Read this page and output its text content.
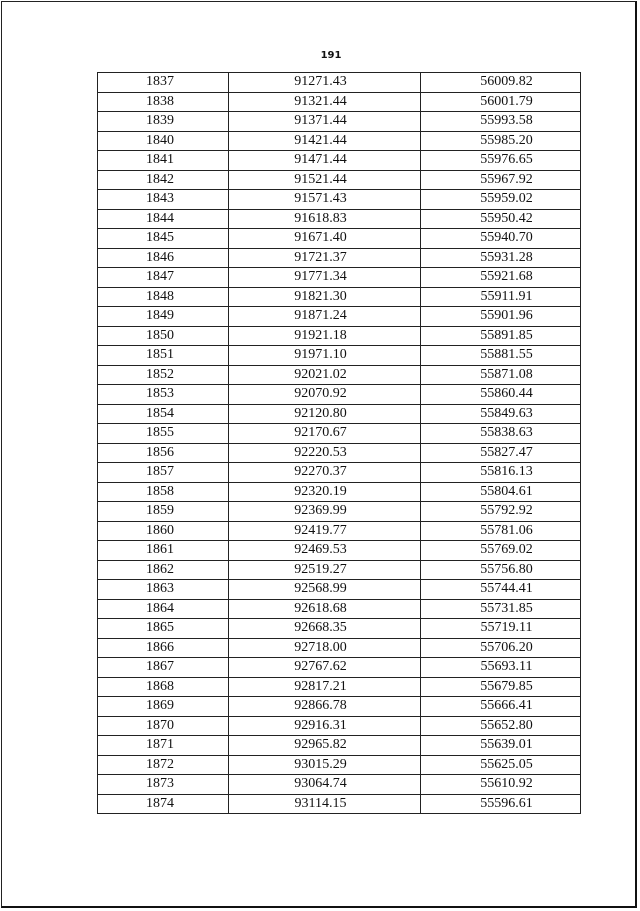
191
1837	91271.43	56009.82
1838	91321.44	56001.79
1839	91371.44	55993.58
1840	91421.44	55985.20
1841	91471.44	55976.65
1842	91521.44	55967.92
1843	91571.43	55959.02
1844	91618.83	55950.42
1845	91671.40	55940.70
1846	91721.37	55931.28
1847	91771.34	55921.68
1848	91821.30	55911.91
1849	91871.24	55901.96
1850	91921.18	55891.85
1851	91971.10	55881.55
1852	92021.02	55871.08
1853	92070.92	55860.44
1854	92120.80	55849.63
1855	92170.67	55838.63
1856	92220.53	55827.47
1857	92270.37	55816.13
1858	92320.19	55804.61
1859	92369.99	55792.92
1860	92419.77	55781.06
1861	92469.53	55769.02
1862	92519.27	55756.80
1863	92568.99	55744.41
1864	92618.68	55731.85
1865	92668.35	55719.11
1866	92718.00	55706.20
1867	92767.62	55693.11
1868	92817.21	55679.85
1869	92866.78	55666.41
1870	92916.31	55652.80
1871	92965.82	55639.01
1872	93015.29	55625.05
1873	93064.74	55610.92
1874	93114.15	55596.61
